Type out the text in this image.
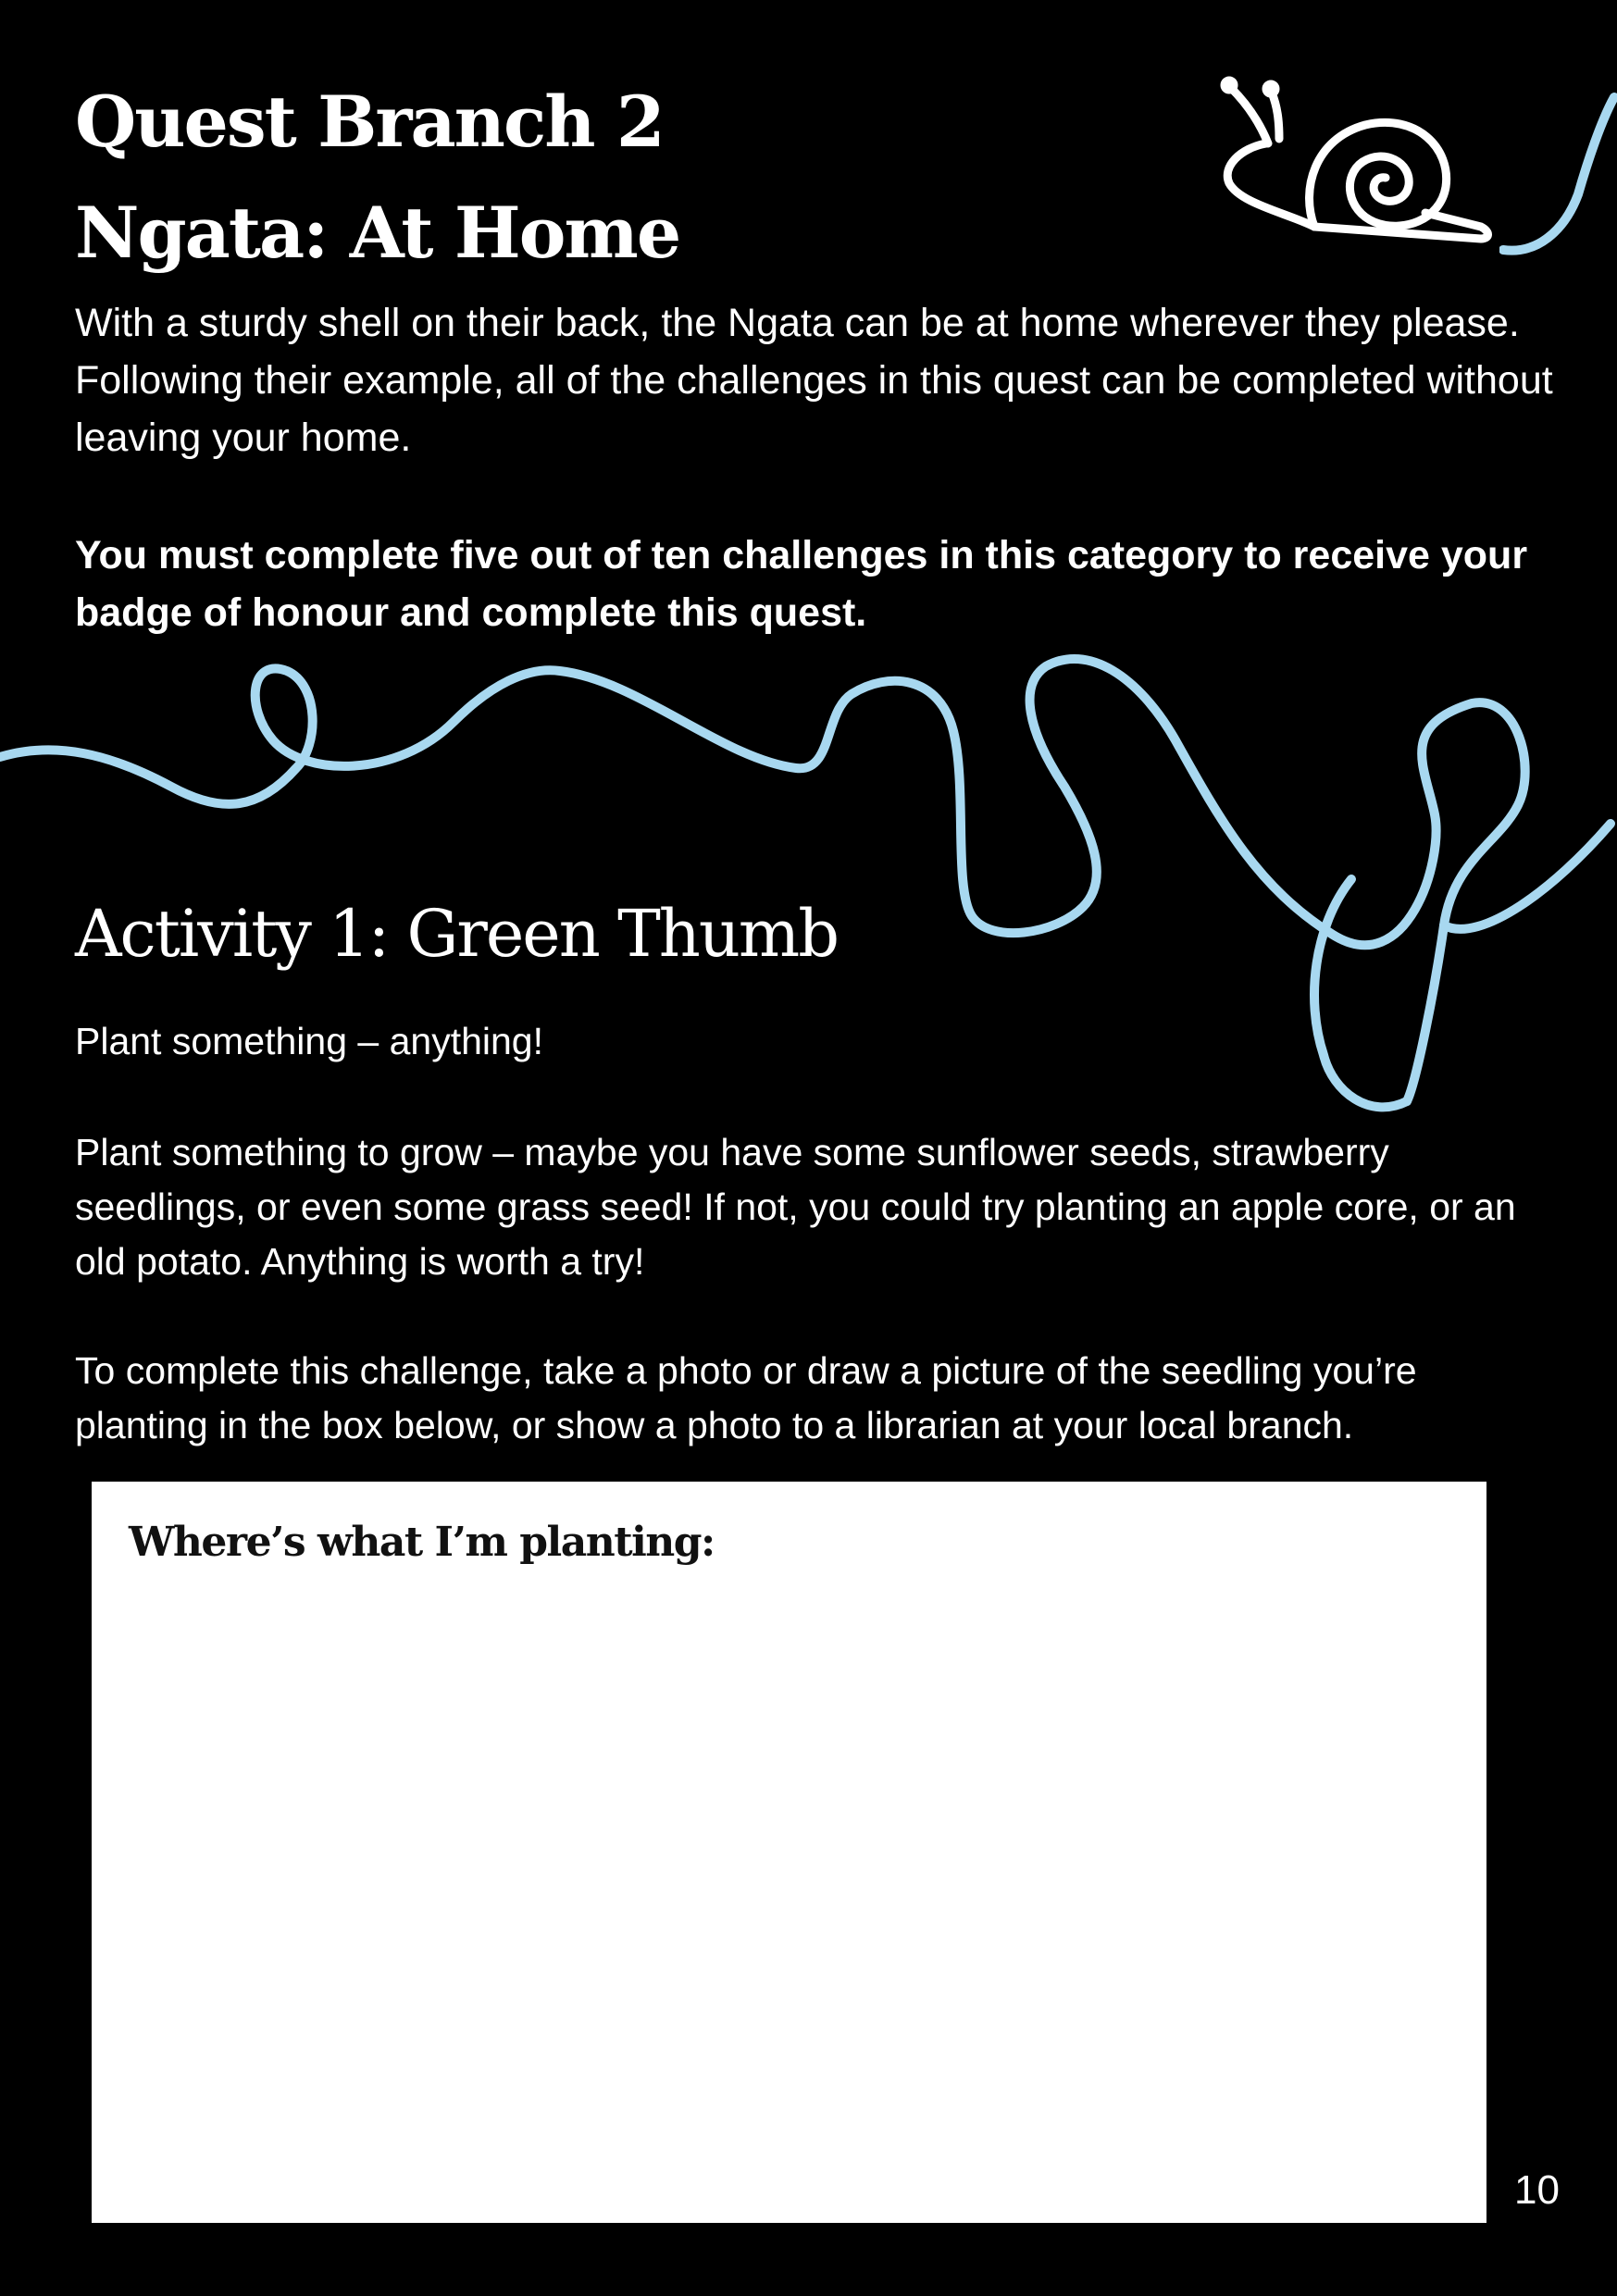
Quest Branch 2
Ngata: At Home

With a sturdy shell on their back, the Ngata can be at home wherever they please. Following their example, all of the challenges in this quest can be completed without leaving your home.

You must complete five out of ten challenges in this category to receive your badge of honour and complete this quest.

Activity 1: Green Thumb

Plant something – anything!

Plant something to grow – maybe you have some sunflower seeds, strawberry seedlings, or even some grass seed! If not, you could try planting an apple core, or an old potato. Anything is worth a try!

To complete this challenge, take a photo or draw a picture of the seedling you’re planting in the box below, or show a photo to a librarian at your local branch.

Where’s what I’m planting:

10
